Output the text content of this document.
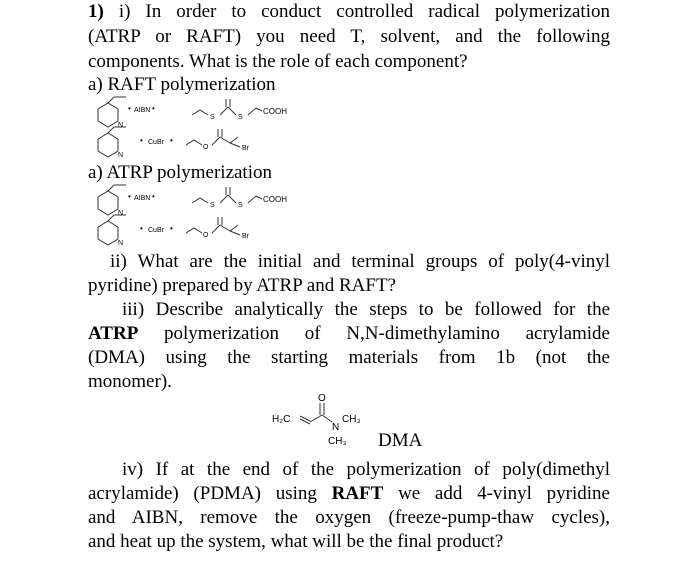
1) i) In order to conduct controlled radical polymerization
(ATRP or RAFT) you need T, solvent, and the following
components. What is the role of each component?
a) RAFT polymerization
N
• AIBN •
S	S
COOH
N
• CuBr •
O	Br
a) ATRP polymerization
N
• AIBN •
S	S
COOH
N
• CuBr •
O	Br
ii) What are the initial and terminal groups of poly(4-vinyl
pyridine) prepared by ATRP and RAFT?
iii) Describe analytically the steps to be followed for the
ATRP polymerization of N,N-dimethylamino acrylamide
(DMA) using the starting materials from 1b (not the
monomer).
H₂C
O
N
CH₃
CH₃ DMA
iv) If at the end of the polymerization of poly(dimethyl
acrylamide) (PDMA) using RAFT we add 4-vinyl pyridine
and AIBN, remove the oxygen (freeze-pump-thaw cycles),
and heat up the system, what will be the final product?
